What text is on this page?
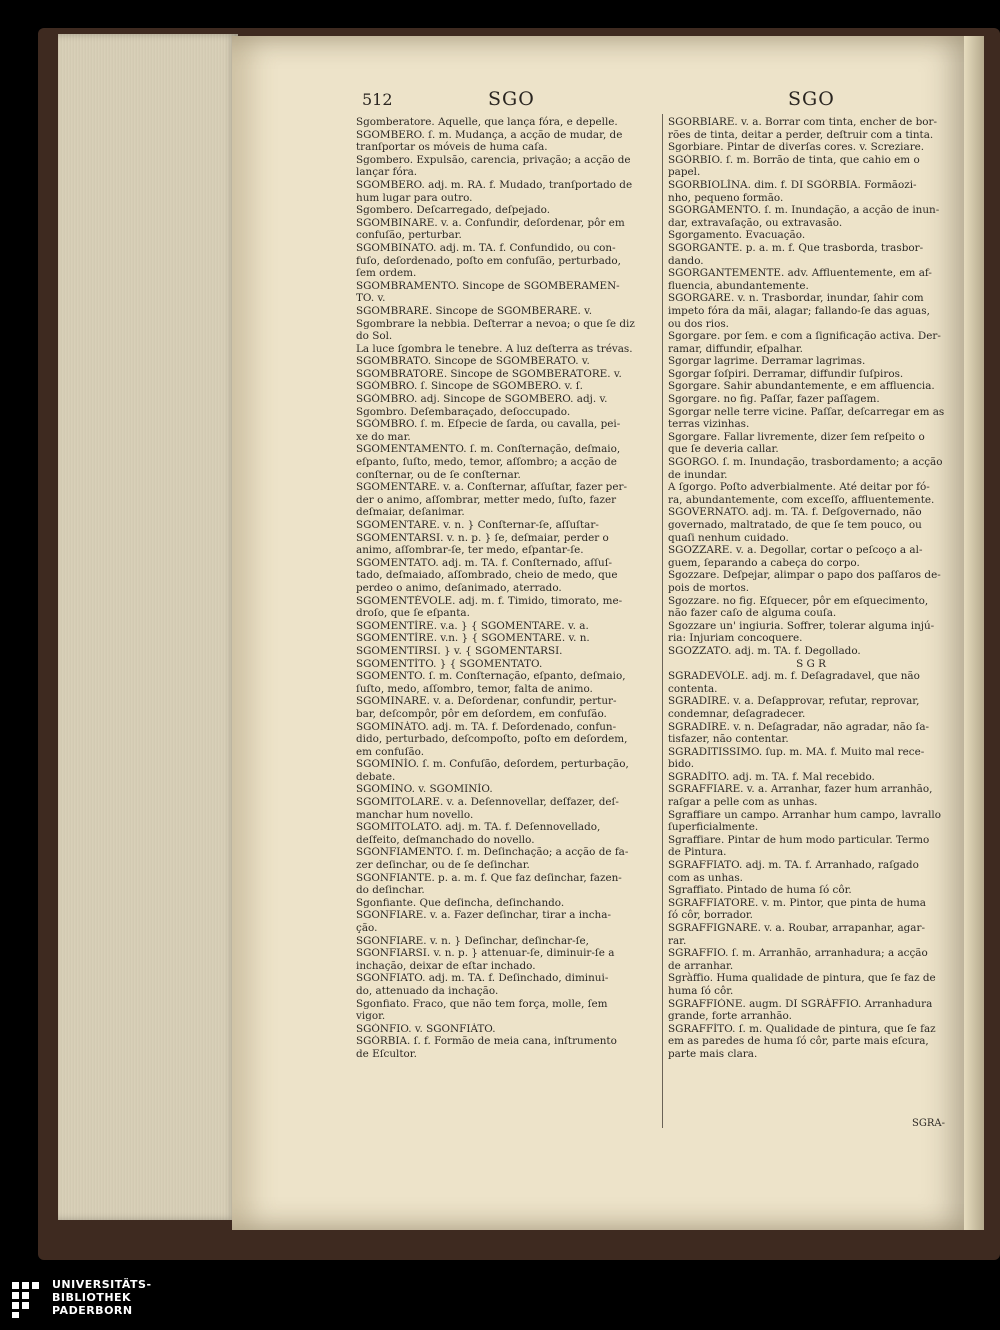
512	SGO	SGO
Sgomberatore. Aquelle, que lança fóra, e depelle.
SGOMBERO. ſ. m. Mudança, a acção de mudar, de
tranſportar os móveis de huma caſa.
Sgombero. Expulsão, carencia, privação; a acção de
lançar fóra.
SGOMBERO. adj. m. RA. f. Mudado, tranſportado de
hum lugar para outro.
Sgombero. Deſcarregado, deſpejado.
SGOMBINARE. v. a. Confundir, deſordenar, pôr em
confuſão, perturbar.
SGOMBINATO. adj. m. TA. f. Confundido, ou con-
fuſo, deſordenado, poſto em confuſão, perturbado,
ſem ordem.
SGOMBRAMENTO. Sincope de SGOMBERAMEN-
TO. v.
SGOMBRARE. Sincope de SGOMBERARE. v.
Sgombrare la nebbia. Deſterrar a nevoa; o que ſe diz
do Sol.
La luce ſgombra le tenebre. A luz deſterra as trévas.
SGOMBRATO. Sincope de SGOMBERATO. v.
SGOMBRATORE. Sincope de SGOMBERATORE. v.
SGÒMBRO. ſ. Sincope de SGOMBERO. v. ſ.
SGÒMBRO. adj. Sincope de SGOMBERO. adj. v.
Sgombro. Deſembaraçado, deſoccupado.
SGÒMBRO. ſ. m. Eſpecie de ſarda, ou cavalla, pei-
xe do mar.
SGOMENTAMENTO. ſ. m. Conſternação, deſmaio,
eſpanto, ſuſto, medo, temor, aſſombro; a acção de
conſternar, ou de ſe conſternar.
SGOMENTARE. v. a. Conſternar, aſſuſtar, fazer per-
der o animo, aſſombrar, metter medo, ſuſto, fazer
deſmaiar, deſanimar.
SGOMENTARE. v. n. } Conſternar-ſe, aſſuſtar-
SGOMENTARSI. v. n. p. } ſe, deſmaiar, perder o
animo, aſſombrar-ſe, ter medo, eſpantar-ſe.
SGOMENTATO. adj. m. TA. f. Conſternado, aſſuſ-
tado, deſmaiado, aſſombrado, cheio de medo, que
perdeo o animo, deſanimado, aterrado.
SGOMENTÈVOLE. adj. m. f. Timido, timorato, me-
droſo, que ſe eſpanta.
SGOMENTÌRE. v.a. } { SGOMENTARE. v. a.
SGOMENTÌRE. v.n. } { SGOMENTARE. v. n.
SGOMENTIRSI. } v. { SGOMENTARSI.
SGOMENTÌTO. } { SGOMENTATO.
SGOMENTO. ſ. m. Conſternação, eſpanto, deſmaio,
ſuſto, medo, aſſombro, temor, falta de animo.
SGOMINARE. v. a. Deſordenar, confundir, pertur-
bar, deſcompôr, pôr em deſordem, em confuſão.
SGOMINÀTO. adj. m. TA. f. Deſordenado, confun-
dido, perturbado, deſcompoſto, poſto em deſordem,
em confuſão.
SGOMINÌO. ſ. m. Confuſão, deſordem, perturbação,
debate.
SGOMINO. v. SGOMINÌO.
SGOMITOLARE. v. a. Deſennovellar, deſfazer, deſ-
manchar hum novello.
SGOMITOLATO. adj. m. TA. f. Deſennovellado,
deſfeito, deſmanchado do novello.
SGONFIAMENTO. ſ. m. Deſinchação; a acção de fa-
zer deſinchar, ou de ſe deſinchar.
SGONFIANTE. p. a. m. f. Que faz deſinchar, fazen-
do deſinchar.
Sgonfiante. Que deſincha, deſinchando.
SGONFIARE. v. a. Fazer deſinchar, tirar a incha-
ção.
SGONFIARE. v. n. } Deſinchar, deſinchar-ſe,
SGONFIARSI. v. n. p. } attenuar-ſe, diminuir-ſe a
inchação, deixar de eſtar inchado.
SGONFIATO. adj. m. TA. f. Deſinchado, diminui-
do, attenuado da inchação.
Sgonfiato. Fraco, que não tem força, molle, ſem
vigor.
SGÒNFIO. v. SGONFIÀTO.
SGÒRBIA. ſ. f. Formão de meia cana, inſtrumento
de Eſcultor.
SGORBIARE. v. a. Borrar com tinta, encher de bor-
rões de tinta, deitar a perder, deſtruir com a tinta.
Sgorbiare. Pintar de diverſas cores. v. Screziare.
SGÒRBIO. ſ. m. Borrão de tinta, que cahio em o
papel.
SGORBIOLÌNA. dim. f. DI SGÒRBIA. Formãozi-
nho, pequeno formão.
SGORGAMENTO. ſ. m. Inundação, a acção de inun-
dar, extravaſação, ou extravasão.
Sgorgamento. Evacuação.
SGORGANTE. p. a. m. f. Que trasborda, trasbor-
dando.
SGORGANTEMENTE. adv. Affluentemente, em af-
fluencia, abundantemente.
SGORGARE. v. n. Trasbordar, inundar, ſahir com
impeto fóra da mãi, alagar; fallando-ſe das aguas,
ou dos rios.
Sgorgare. por ſem. e com a ſignificação activa. Der-
ramar, diffundir, eſpalhar.
Sgorgar lagrime. Derramar lagrimas.
Sgorgar ſoſpiri. Derramar, diffundir ſuſpiros.
Sgorgare. Sahir abundantemente, e em affluencia.
Sgorgare. no fig. Paſſar, fazer paſſagem.
Sgorgar nelle terre vicine. Paſſar, deſcarregar em as
terras vizinhas.
Sgorgare. Fallar livremente, dizer ſem reſpeito o
que ſe deveria callar.
SGORGO. ſ. m. Inundação, trasbordamento; a acção
de inundar.
A ſgorgo. Poſto adverbialmente. Até deitar por fó-
ra, abundantemente, com exceſſo, affluentemente.
SGOVERNATO. adj. m. TA. f. Deſgovernado, não
governado, maltratado, de que ſe tem pouco, ou
quaſi nenhum cuidado.
SGOZZARE. v. a. Degollar, cortar o peſcoço a al-
guem, ſeparando a cabeça do corpo.
Sgozzare. Deſpejar, alimpar o papo dos paſſaros de-
pois de mortos.
Sgozzare. no fig. Eſquecer, pôr em eſquecimento,
não fazer caſo de alguma couſa.
Sgozzare un' ingiuria. Soffrer, tolerar alguma injú-
ria: Injuriam concoquere.
SGOZZATO. adj. m. TA. f. Degollado.
S G R
SGRADEVÒLE. adj. m. f. Deſagradavel, que não
contenta.
SGRADIRE. v. a. Deſapprovar, refutar, reprovar,
condemnar, deſagradecer.
SGRADIRE. v. n. Deſagradar, não agradar, não ſa-
tisfazer, não contentar.
SGRADITISSIMO. ſup. m. MA. f. Muito mal rece-
bido.
SGRADÌTO. adj. m. TA. f. Mal recebido.
SGRAFFIARE. v. a. Arranhar, fazer hum arranhão,
raſgar a pelle com as unhas.
Sgraffiare un campo. Arranhar hum campo, lavrallo
ſuperficialmente.
Sgraffiare. Pintar de hum modo particular. Termo
de Pintura.
SGRAFFIATO. adj. m. TA. f. Arranhado, raſgado
com as unhas.
Sgraffiato. Pintado de huma ſó côr.
SGRAFFIATORE. v. m. Pintor, que pinta de huma
ſó côr, borrador.
SGRAFFIGNARE. v. a. Roubar, arrapanhar, agar-
rar.
SGRAFFIO. ſ. m. Arranhão, arranhadura; a acção
de arranhar.
Sgràffio. Huma qualidade de pintura, que ſe faz de
huma ſó côr.
SGRAFFIÒNE. augm. DI SGRÀFFIO. Arranhadura
grande, forte arranhão.
SGRAFFÌTO. ſ. m. Qualidade de pintura, que ſe faz
em as paredes de huma ſó côr, parte mais eſcura,
parte mais clara.
SGRA-
UNIVERSITÄTS-
BIBLIOTHEK
PADERBORN
